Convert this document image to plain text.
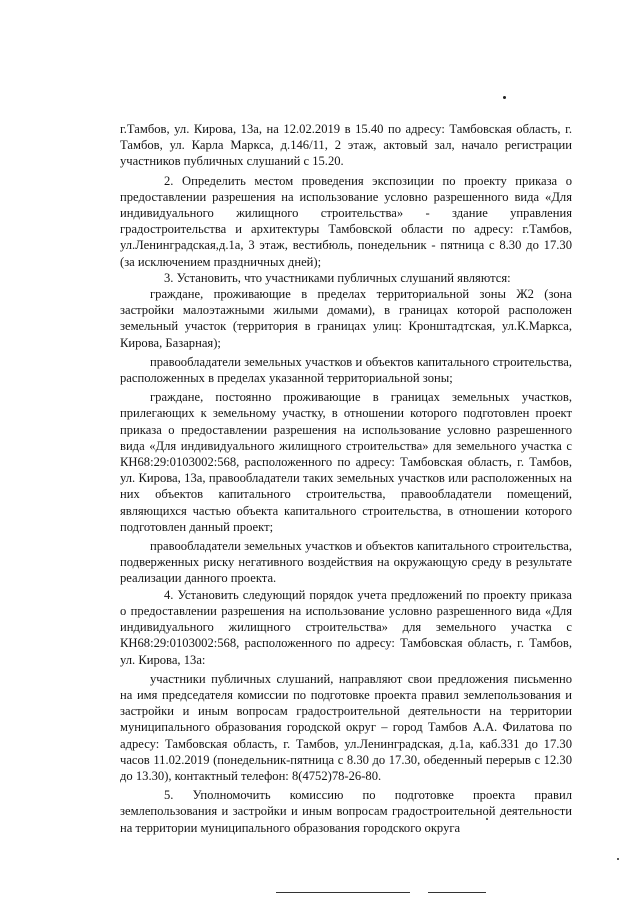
г.Тамбов, ул. Кирова, 13а, на 12.02.2019 в 15.40 по адресу: Тамбовская область, г. Тамбов, ул. Карла Маркса, д.146/11, 2 этаж, актовый зал, начало регистрации участников публичных слушаний с 15.20.

2. Определить местом проведения экспозиции по проекту приказа о предоставлении разрешения на использование условно разрешенного вида «Для индивидуального жилищного строительства» - здание управления градостроительства и архитектуры Тамбовской области по адресу: г.Тамбов, ул.Ленинградская,д.1а, 3 этаж, вестибюль, понедельник - пятница с 8.30 до 17.30 (за исключением праздничных дней);

3. Установить, что участниками публичных слушаний являются:

граждане, проживающие в пределах территориальной зоны Ж2 (зона застройки малоэтажными жилыми домами), в границах которой расположен земельный участок (территория в границах улиц: Кронштадтская, ул.К.Маркса, Кирова, Базарная);

правообладатели земельных участков и объектов капитального строительства, расположенных в пределах указанной территориальной зоны;

граждане, постоянно проживающие в границах земельных участков, прилегающих к земельному участку, в отношении которого подготовлен проект приказа о предоставлении разрешения на использование условно разрешенного вида «Для индивидуального жилищного строительства» для земельного участка с КН68:29:0103002:568, расположенного по адресу: Тамбовская область, г. Тамбов, ул. Кирова, 13а, правообладатели таких земельных участков или расположенных на них объектов капитального строительства, правообладатели помещений, являющихся частью объекта капитального строительства, в отношении которого подготовлен данный проект;

правообладатели земельных участков и объектов капитального строительства, подверженных риску негативного воздействия на окружающую среду в результате реализации данного проекта.

4. Установить следующий порядок учета предложений по проекту приказа о предоставлении разрешения на использование условно разрешенного вида «Для индивидуального жилищного строительства» для земельного участка с КН68:29:0103002:568, расположенного по адресу: Тамбовская область, г. Тамбов, ул. Кирова, 13а:

участники публичных слушаний, направляют свои предложения письменно на имя председателя комиссии по подготовке проекта правил землепользования и застройки и иным вопросам градостроительной деятельности на территории муниципального образования городской округ – город Тамбов А.А. Филатова по адресу: Тамбовская область, г. Тамбов, ул.Ленинградская, д.1а, каб.331 до 17.30 часов 11.02.2019 (понедельник-пятница с 8.30 до 17.30, обеденный перерыв с 12.30 до 13.30), контактный телефон: 8(4752)78-26-80.

5. Уполномочить комиссию по подготовке проекта правил землепользования и застройки и иным вопросам градостроительной деятельности на территории муниципального образования городского округа
